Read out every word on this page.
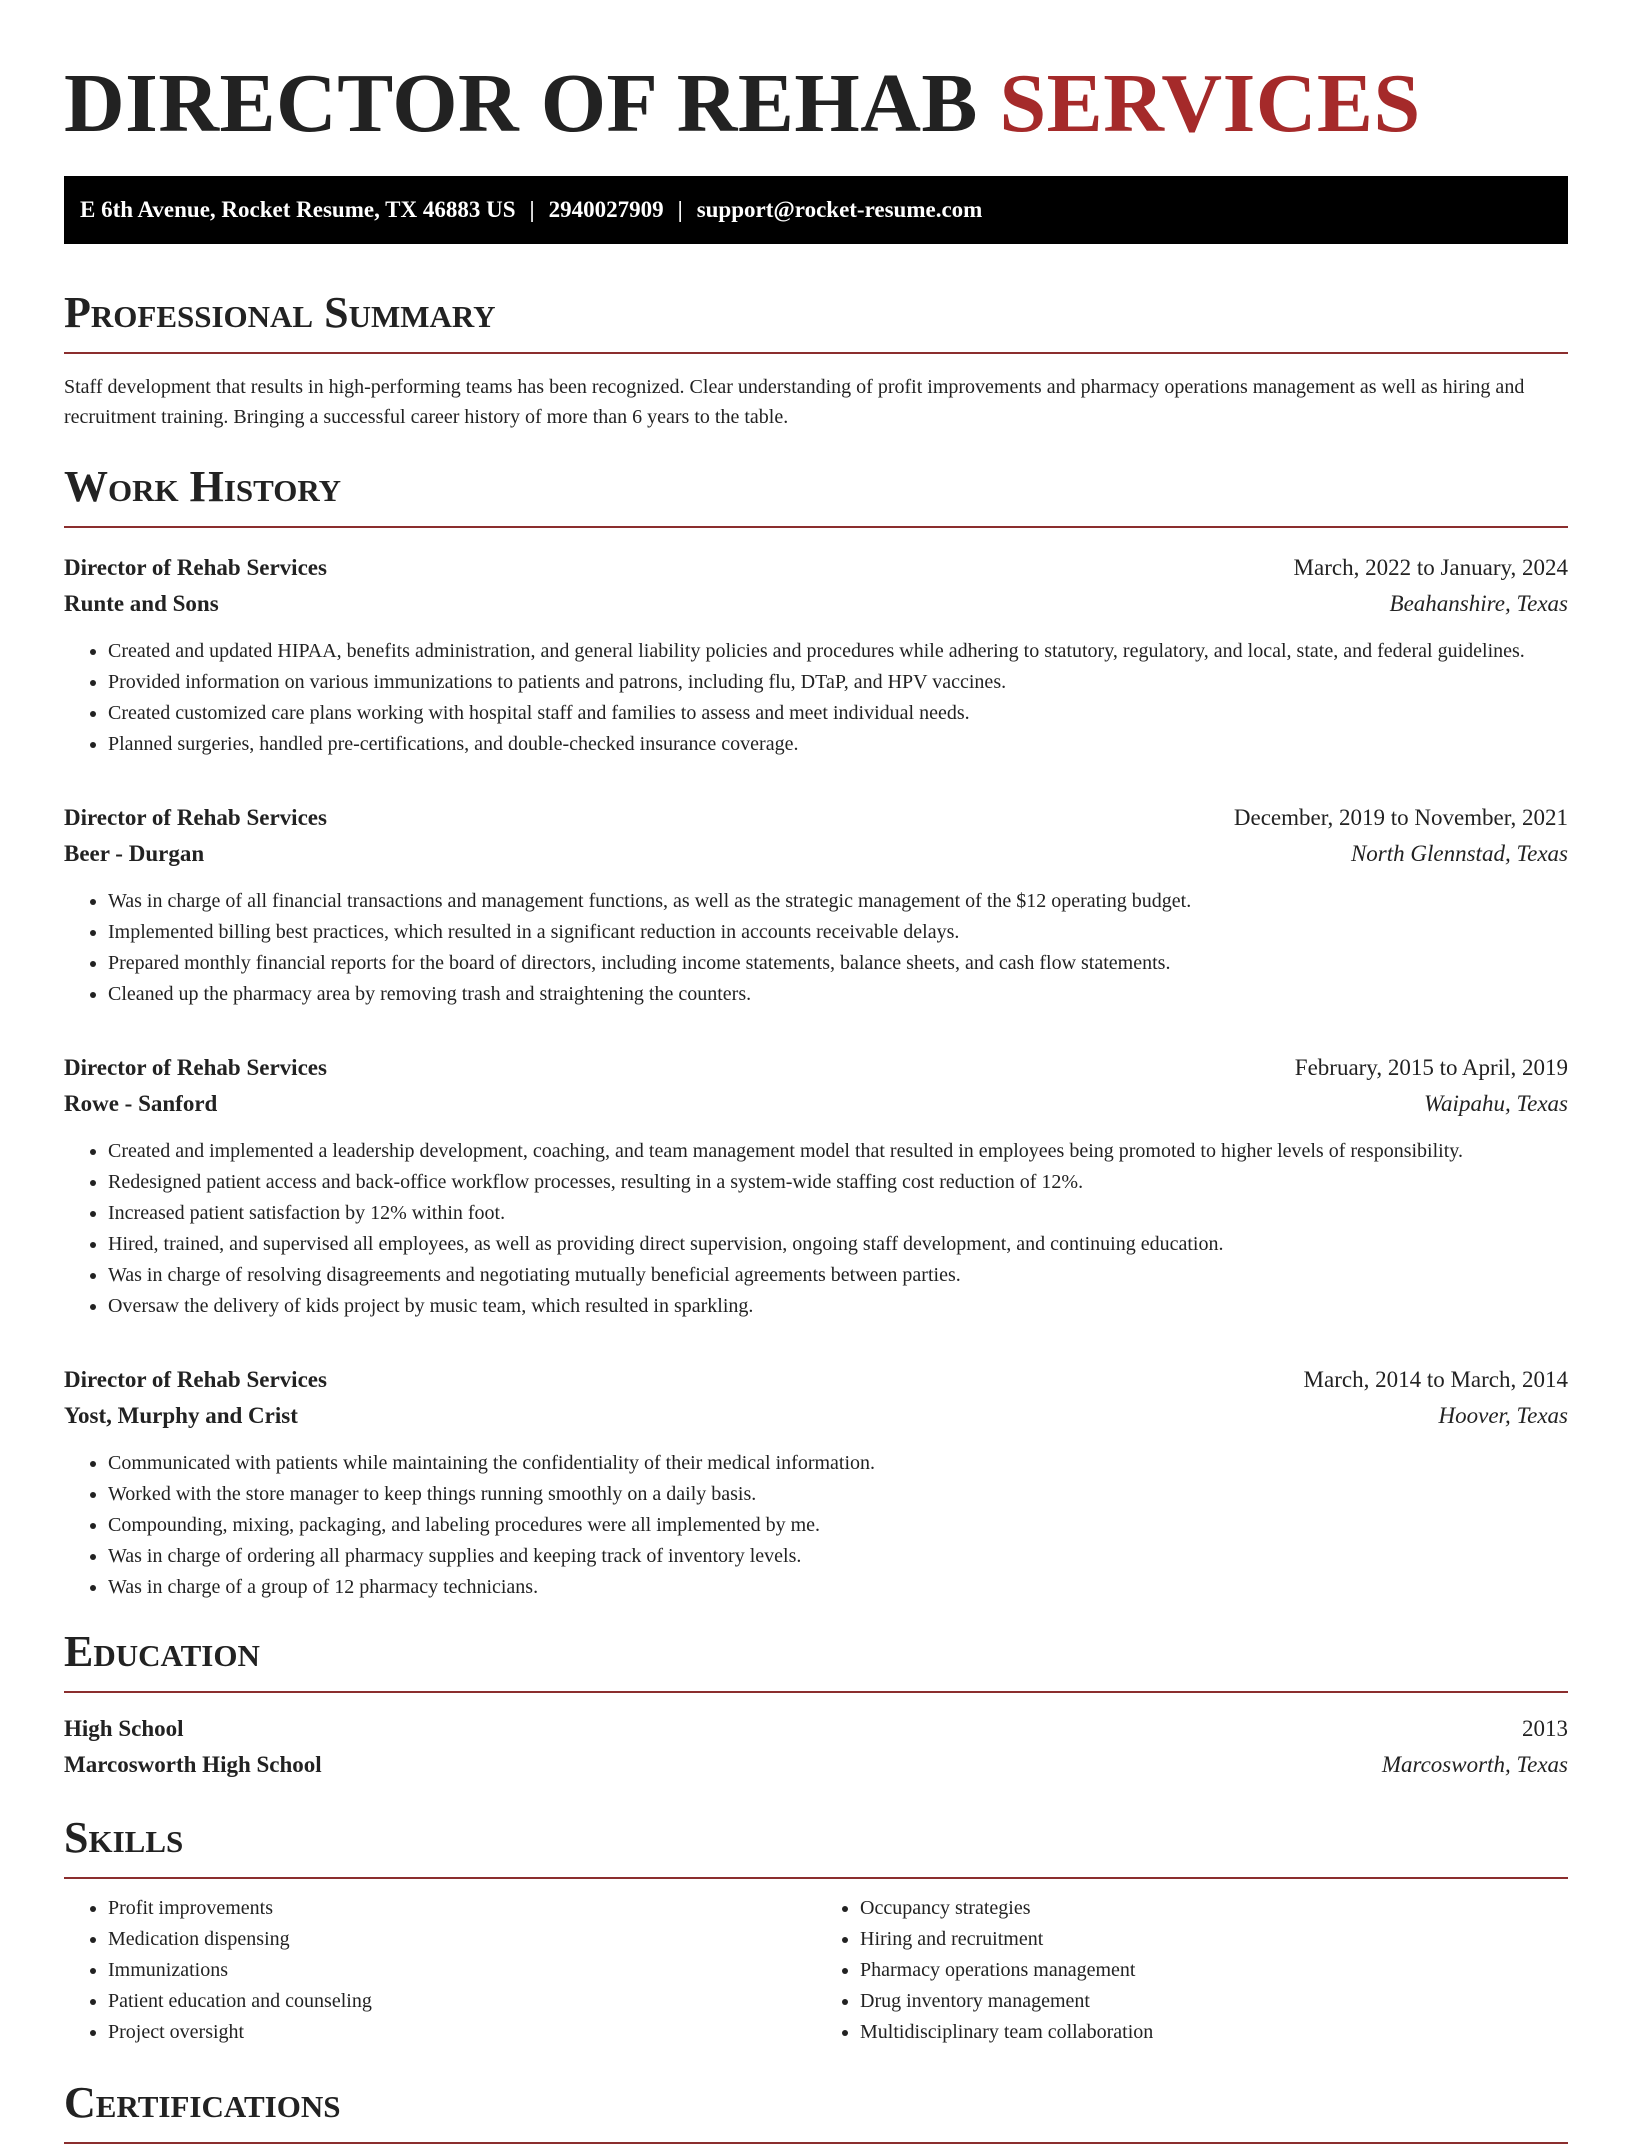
DIRECTOR OF REHAB SERVICES
E 6th Avenue, Rocket Resume, TX 46883 US | 2940027909 | support@rocket-resume.com
Professional Summary

Staff development that results in high-performing teams has been recognized. Clear understanding of profit improvements and pharmacy operations management as well as hiring and recruitment training. Bringing a successful career history of more than 6 years to the table.

Work History
Director of Rehab Services	March, 2022 to January, 2024
Runte and Sons	Beahanshire, Texas
• Created and updated HIPAA, benefits administration, and general liability policies and procedures while adhering to statutory, regulatory, and local, state, and federal guidelines.
• Provided information on various immunizations to patients and patrons, including flu, DTaP, and HPV vaccines.
• Created customized care plans working with hospital staff and families to assess and meet individual needs.
• Planned surgeries, handled pre-certifications, and double-checked insurance coverage.
Director of Rehab Services	December, 2019 to November, 2021
Beer - Durgan	North Glennstad, Texas
• Was in charge of all financial transactions and management functions, as well as the strategic management of the $12 operating budget.
• Implemented billing best practices, which resulted in a significant reduction in accounts receivable delays.
• Prepared monthly financial reports for the board of directors, including income statements, balance sheets, and cash flow statements.
• Cleaned up the pharmacy area by removing trash and straightening the counters.
Director of Rehab Services	February, 2015 to April, 2019
Rowe - Sanford	Waipahu, Texas
• Created and implemented a leadership development, coaching, and team management model that resulted in employees being promoted to higher levels of responsibility.
• Redesigned patient access and back-office workflow processes, resulting in a system-wide staffing cost reduction of 12%.
• Increased patient satisfaction by 12% within foot.
• Hired, trained, and supervised all employees, as well as providing direct supervision, ongoing staff development, and continuing education.
• Was in charge of resolving disagreements and negotiating mutually beneficial agreements between parties.
• Oversaw the delivery of kids project by music team, which resulted in sparkling.
Director of Rehab Services	March, 2014 to March, 2014
Yost, Murphy and Crist	Hoover, Texas
• Communicated with patients while maintaining the confidentiality of their medical information.
• Worked with the store manager to keep things running smoothly on a daily basis.
• Compounding, mixing, packaging, and labeling procedures were all implemented by me.
• Was in charge of ordering all pharmacy supplies and keeping track of inventory levels.
• Was in charge of a group of 12 pharmacy technicians.
Education
High School	2013
Marcosworth High School	Marcosworth, Texas
Skills
• Profit improvements
• Medication dispensing
• Immunizations
• Patient education and counseling
• Project oversight
• Occupancy strategies
• Hiring and recruitment
• Pharmacy operations management
• Drug inventory management
• Multidisciplinary team collaboration
Certifications
